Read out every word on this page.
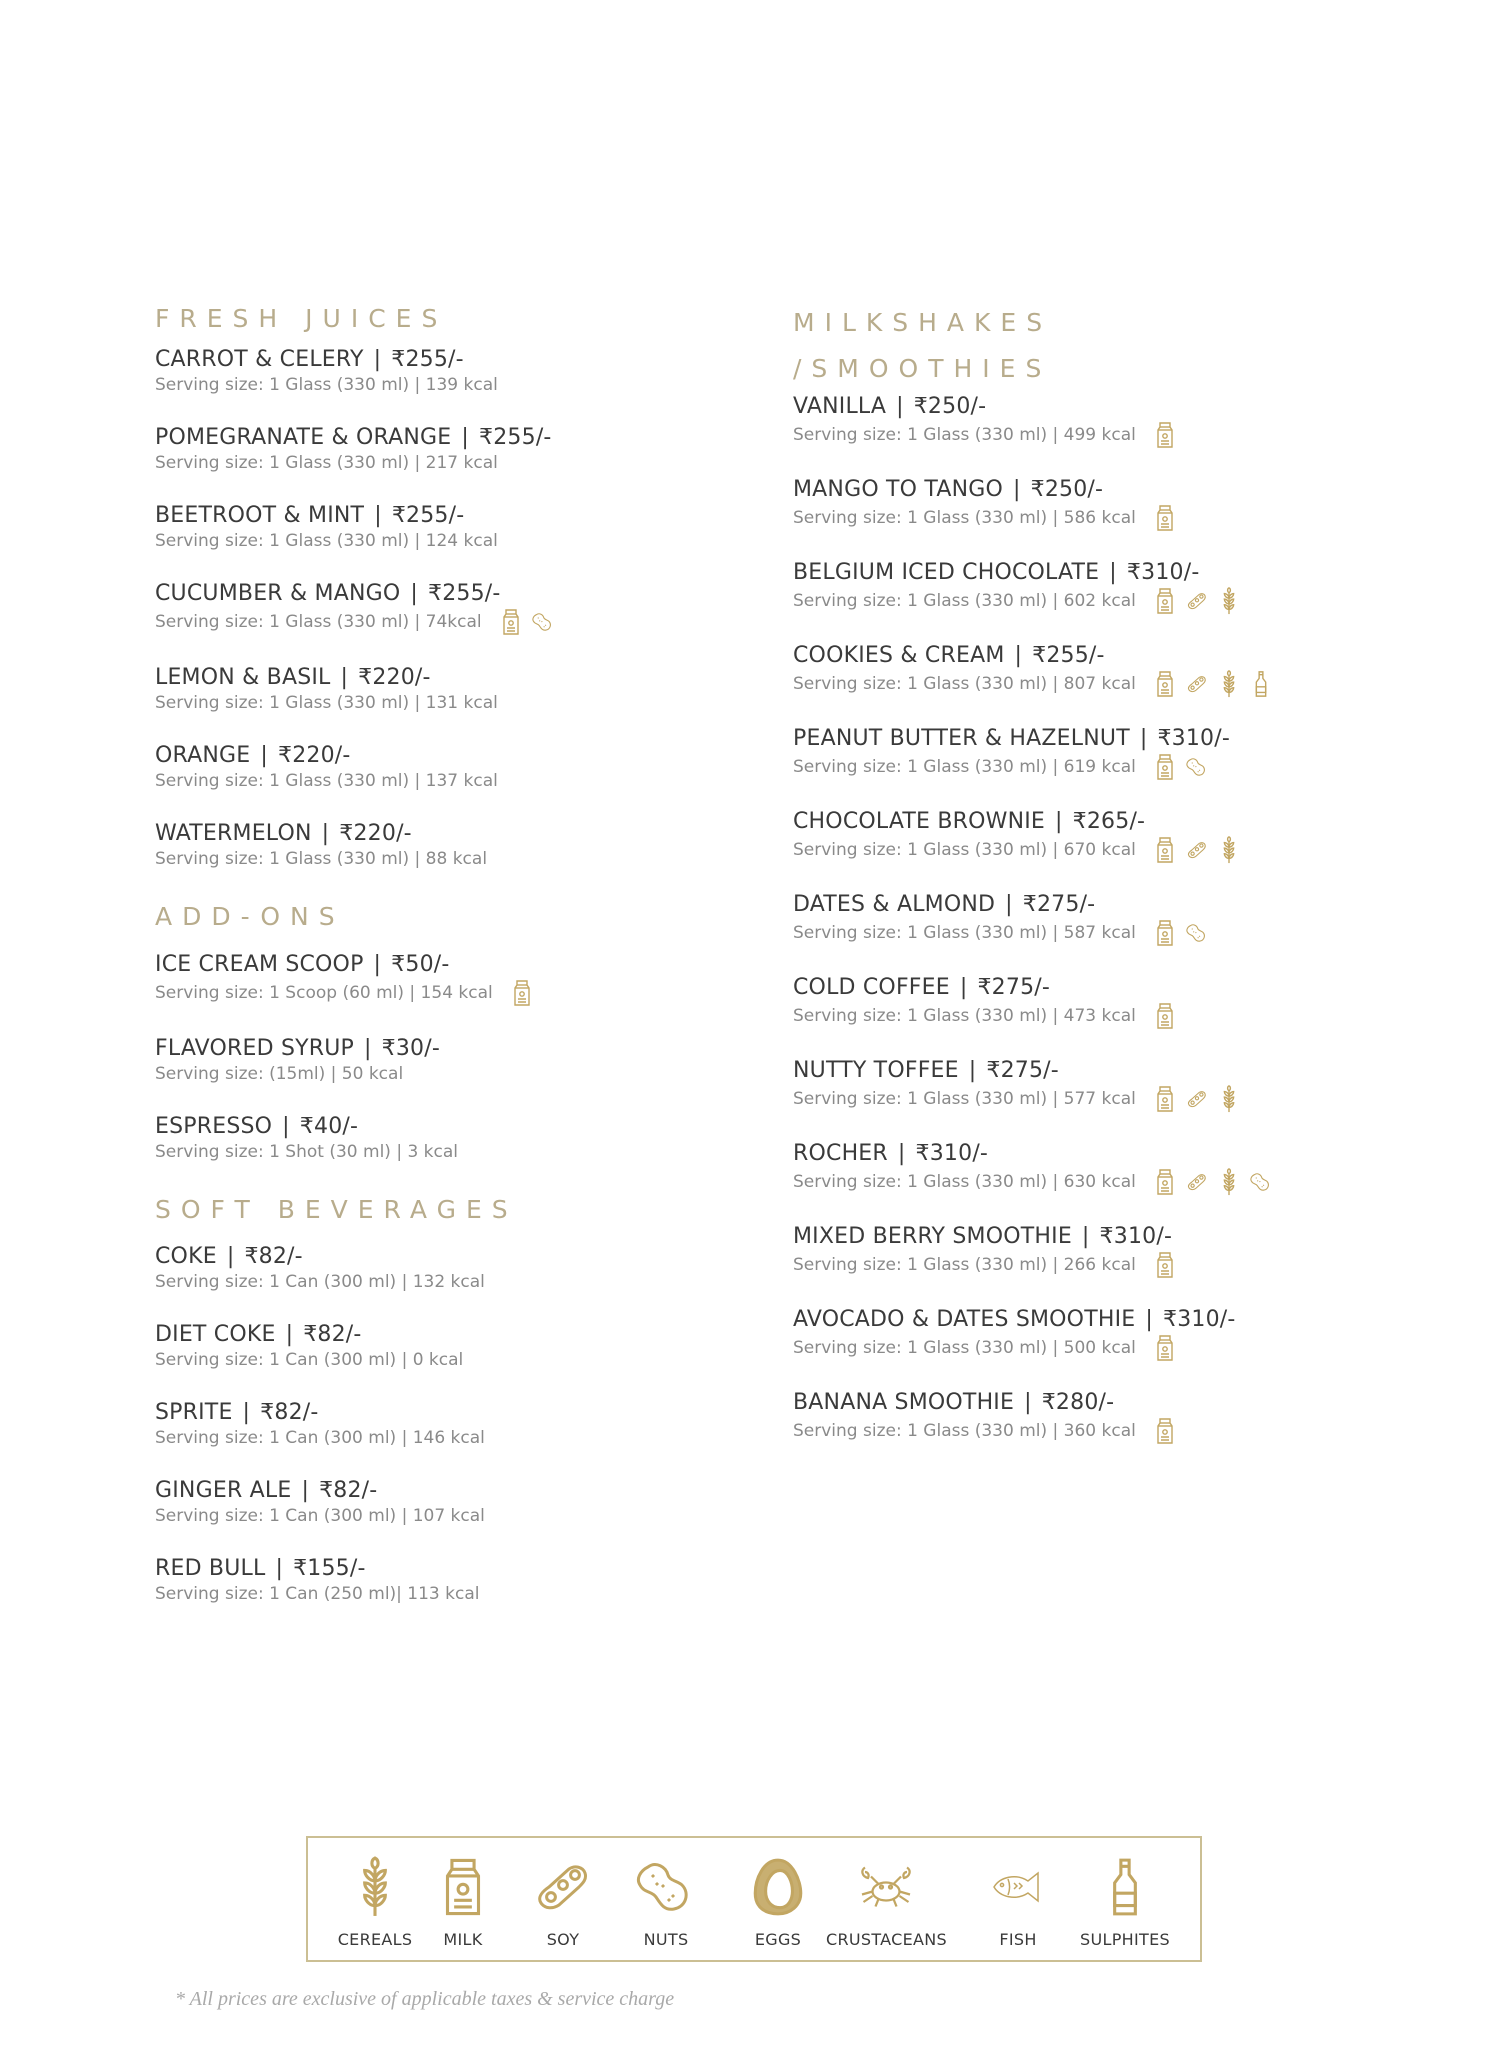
FRESH JUICES
CARROT & CELERY | ₹255/-
Serving size: 1 Glass (330 ml) | 139 kcal
POMEGRANATE & ORANGE | ₹255/-
Serving size: 1 Glass (330 ml) | 217 kcal
BEETROOT & MINT | ₹255/-
Serving size: 1 Glass (330 ml) | 124 kcal
CUCUMBER & MANGO | ₹255/-
Serving size: 1 Glass (330 ml) | 74kcal
LEMON & BASIL | ₹220/-
Serving size: 1 Glass (330 ml) | 131 kcal
ORANGE | ₹220/-
Serving size: 1 Glass (330 ml) | 137 kcal
WATERMELON | ₹220/-
Serving size: 1 Glass (330 ml) | 88 kcal
ADD-ONS
ICE CREAM SCOOP | ₹50/-
Serving size: 1 Scoop (60 ml) | 154 kcal
FLAVORED SYRUP | ₹30/-
Serving size: (15ml) | 50 kcal
ESPRESSO | ₹40/-
Serving size: 1 Shot (30 ml) | 3 kcal
SOFT BEVERAGES
COKE | ₹82/-
Serving size: 1 Can (300 ml) | 132 kcal
DIET COKE | ₹82/-
Serving size: 1 Can (300 ml) | 0 kcal
SPRITE | ₹82/-
Serving size: 1 Can (300 ml) | 146 kcal
GINGER ALE | ₹82/-
Serving size: 1 Can (300 ml) | 107 kcal
RED BULL | ₹155/-
Serving size: 1 Can (250 ml)| 113 kcal
MILKSHAKES
/SMOOTHIES
VANILLA | ₹250/-
Serving size: 1 Glass (330 ml) | 499 kcal
MANGO TO TANGO | ₹250/-
Serving size: 1 Glass (330 ml) | 586 kcal
BELGIUM ICED CHOCOLATE | ₹310/-
Serving size: 1 Glass (330 ml) | 602 kcal
COOKIES & CREAM | ₹255/-
Serving size: 1 Glass (330 ml) | 807 kcal
PEANUT BUTTER & HAZELNUT | ₹310/-
Serving size: 1 Glass (330 ml) | 619 kcal
CHOCOLATE BROWNIE | ₹265/-
Serving size: 1 Glass (330 ml) | 670 kcal
DATES & ALMOND | ₹275/-
Serving size: 1 Glass (330 ml) | 587 kcal
COLD COFFEE | ₹275/-
Serving size: 1 Glass (330 ml) | 473 kcal
NUTTY TOFFEE | ₹275/-
Serving size: 1 Glass (330 ml) | 577 kcal
ROCHER | ₹310/-
Serving size: 1 Glass (330 ml) | 630 kcal
MIXED BERRY SMOOTHIE | ₹310/-
Serving size: 1 Glass (330 ml) | 266 kcal
AVOCADO & DATES SMOOTHIE | ₹310/-
Serving size: 1 Glass (330 ml) | 500 kcal
BANANA SMOOTHIE | ₹280/-
Serving size: 1 Glass (330 ml) | 360 kcal
CEREALS	MILK	SOY	NUTS	EGGS	CRUSTACEANS	FISH	SULPHITES
* All prices are exclusive of applicable taxes & service charge
